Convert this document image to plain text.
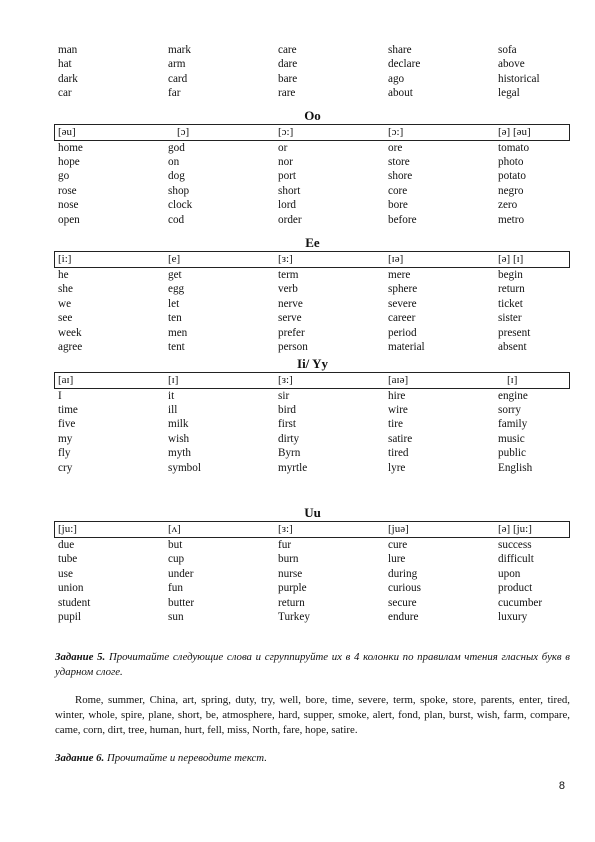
man	mark	care	share	sofa
hat	arm	dare	declare	above
dark	card	bare	ago	historical
car	far	rare	about	legal
Oo
[əu]	[ɔ]	[ɔ:]	[ɔ:]	[ə] [əu]
home	god	or	ore	tomato
hope	on	nor	store	photo
go	dog	port	shore	potato
rose	shop	short	core	negro
nose	clock	lord	bore	zero
open	cod	order	before	metro
Ee
[i:]	[e]	[з:]	[ɪə]	[ə] [ɪ]
he	get	term	mere	begin
she	egg	verb	sphere	return
we	let	nerve	severe	ticket
see	ten	serve	career	sister
week	men	prefer	period	present
agree	tent	person	material	absent
Ii/ Yy
[aɪ]	[ɪ]	[з:]	[aɪə]	[ɪ]
I	it	sir	hire	engine
time	ill	bird	wire	sorry
five	milk	first	tire	family
my	wish	dirty	satire	music
fly	myth	Byrn	tired	public
cry	symbol	myrtle	lyre	English
Uu
[ju:]	[ʌ]	[з:]	[juə]	[ə] [ju:]
due	but	fur	cure	success
tube	cup	burn	lure	difficult
use	under	nurse	during	upon
union	fun	purple	curious	product
student	butter	return	secure	cucumber
pupil	sun	Turkey	endure	luxury
Задание 5. Прочитайте следующие слова и сгруппируйте их в 4 колонки по правилам чтения гласных букв в ударном слоге.
Rome, summer, China, art, spring, duty, try, well, bore, time, severe, term, spoke, store, parents, enter, tired, winter, whole, spire, plane, short, be, atmosphere, hard, supper, smoke, alert, fond, plan, burst, wish, farm, compare, came, corn, dirt, tree, human, hurt, fell, miss, North, fare, hope, satire.
Задание 6. Прочитайте и переводите текст.
8
